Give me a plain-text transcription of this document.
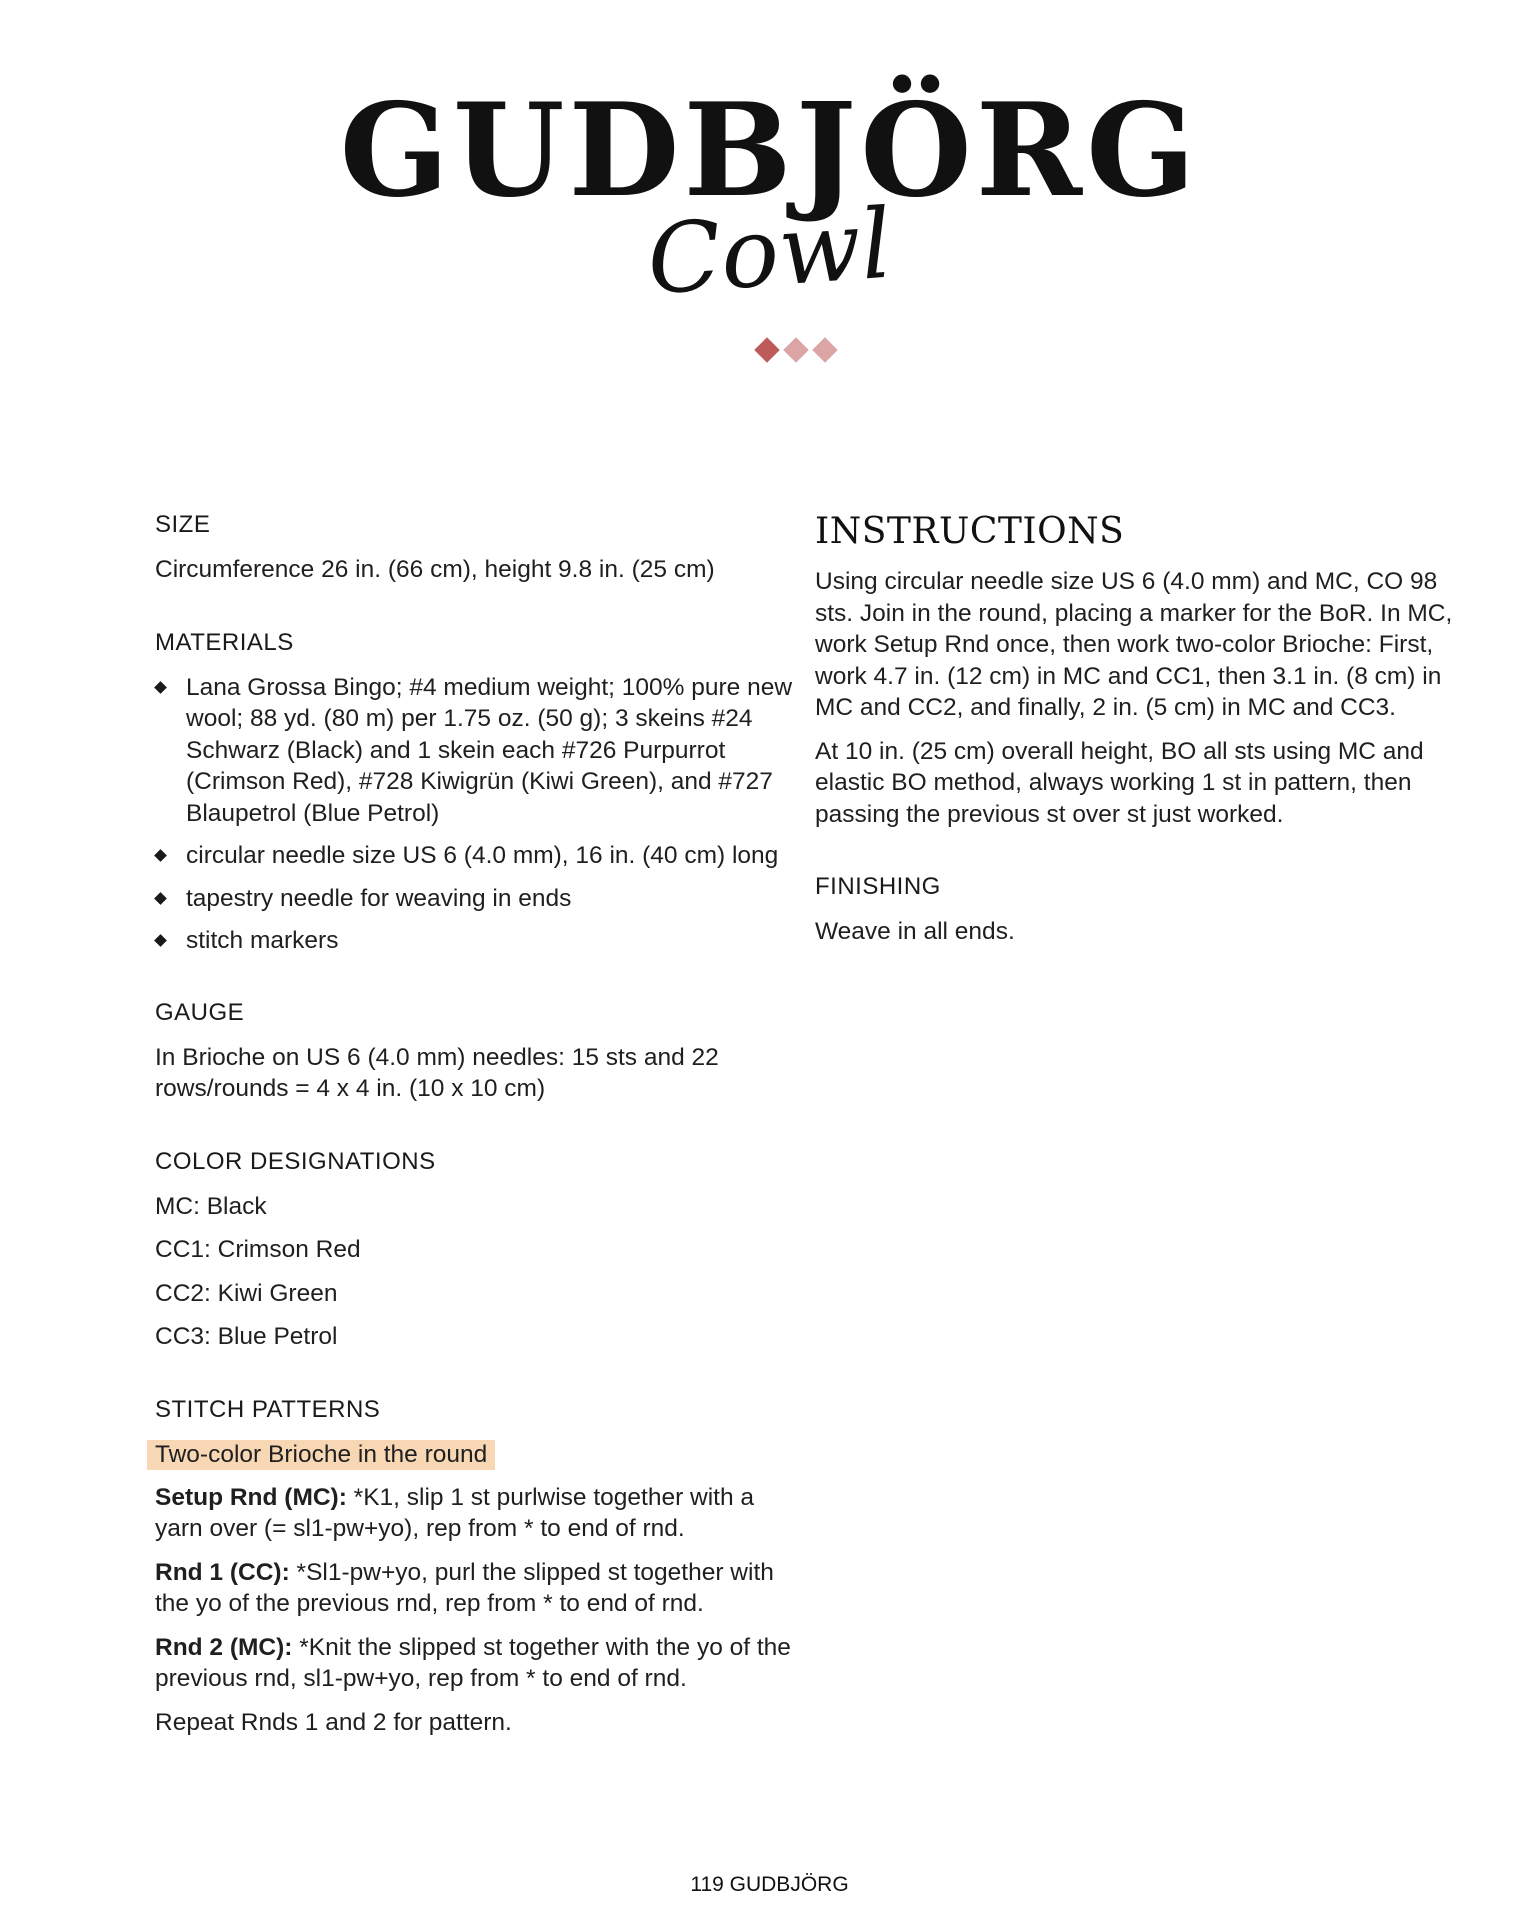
GUDBJÖRG
Cowl
SIZE
Circumference 26 in. (66 cm), height 9.8 in. (25 cm)
MATERIALS
Lana Grossa Bingo; #4 medium weight; 100% pure new wool; 88 yd. (80 m) per 1.75 oz. (50 g); 3 skeins #24 Schwarz (Black) and 1 skein each #726 Purpurrot (Crimson Red), #728 Kiwigrün (Kiwi Green), and #727 Blaupetrol (Blue Petrol)
circular needle size US 6 (4.0 mm), 16 in. (40 cm) long
tapestry needle for weaving in ends
stitch markers
GAUGE
In Brioche on US 6 (4.0 mm) needles: 15 sts and 22 rows/rounds = 4 x 4 in. (10 x 10 cm)
COLOR DESIGNATIONS
MC: Black
CC1: Crimson Red
CC2: Kiwi Green
CC3: Blue Petrol
STITCH PATTERNS
Two-color Brioche in the round
Setup Rnd (MC): *K1, slip 1 st purlwise together with a yarn over (= sl1-pw+yo), rep from * to end of rnd.
Rnd 1 (CC): *Sl1-pw+yo, purl the slipped st together with the yo of the previous rnd, rep from * to end of rnd.
Rnd 2 (MC): *Knit the slipped st together with the yo of the previous rnd, sl1-pw+yo, rep from * to end of rnd.
Repeat Rnds 1 and 2 for pattern.
INSTRUCTIONS
Using circular needle size US 6 (4.0 mm) and MC, CO 98 sts. Join in the round, placing a marker for the BoR. In MC, work Setup Rnd once, then work two-color Brioche: First, work 4.7 in. (12 cm) in MC and CC1, then 3.1 in. (8 cm) in MC and CC2, and finally, 2 in. (5 cm) in MC and CC3.
At 10 in. (25 cm) overall height, BO all sts using MC and elastic BO method, always working 1 st in pattern, then passing the previous st over st just worked.
FINISHING
Weave in all ends.
119 GUDBJÖRG
